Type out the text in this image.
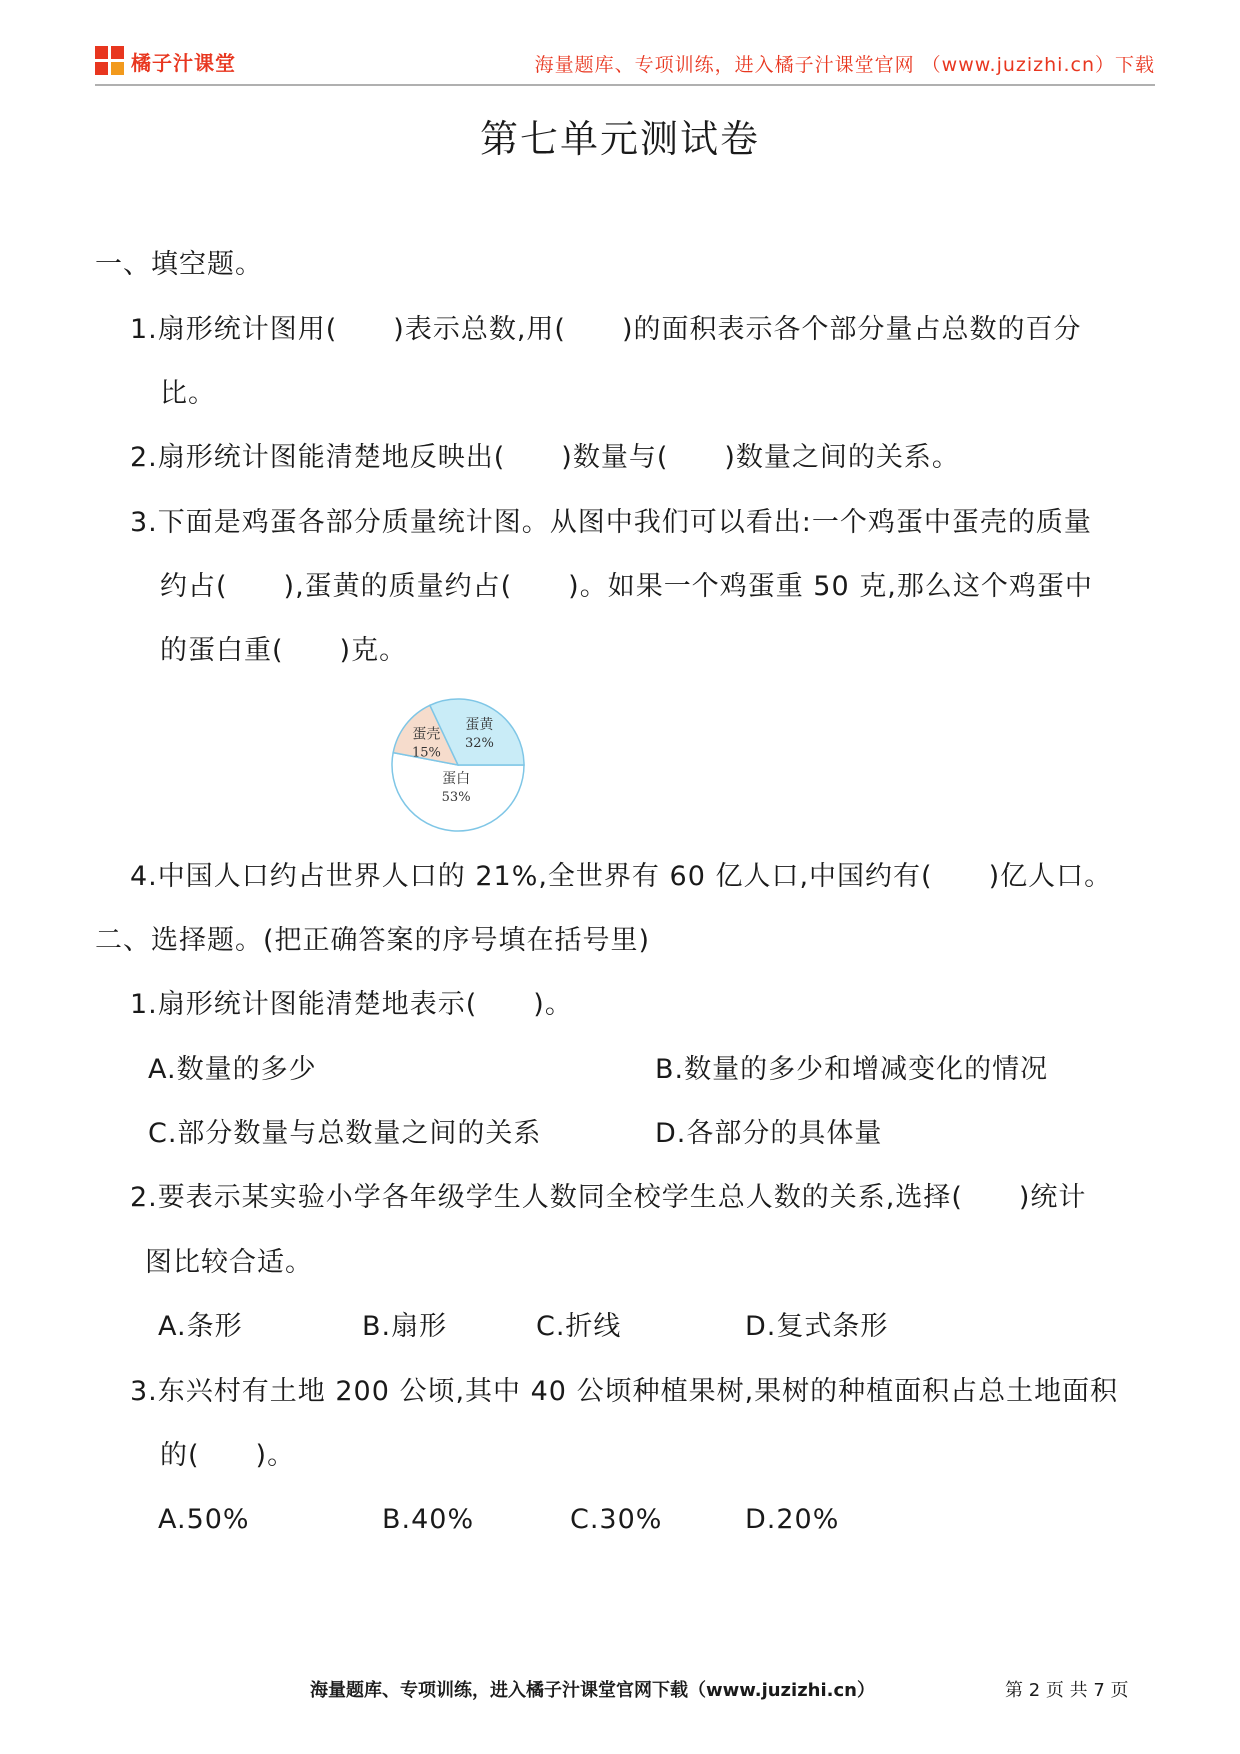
橘子汁课堂	海量题库、专项训练，进入橘子汁课堂官网 （www.juzizhi.cn）下载
第七单元测试卷
一、填空题。
1.扇形统计图用(　　)表示总数,用(　　)的面积表示各个部分量占总数的百分
比。
2.扇形统计图能清楚地反映出(　　)数量与(　　)数量之间的关系。
3.下面是鸡蛋各部分质量统计图。从图中我们可以看出:一个鸡蛋中蛋壳的质量
约占(　　),蛋黄的质量约占(　　)。如果一个鸡蛋重 50 克,那么这个鸡蛋中
的蛋白重(　　)克。
蛋白
53%
蛋壳
15%
蛋黄
32%
4.中国人口约占世界人口的 21%,全世界有 60 亿人口,中国约有(　　)亿人口。
二、选择题。(把正确答案的序号填在括号里)
1.扇形统计图能清楚地表示(　　)。
A.数量的多少	B.数量的多少和增减变化的情况
C.部分数量与总数量之间的关系	D.各部分的具体量
2.要表示某实验小学各年级学生人数同全校学生总人数的关系,选择(　　)统计
图比较合适。
A.条形	B.扇形	C.折线	D.复式条形
3.东兴村有土地 200 公顷,其中 40 公顷种植果树,果树的种植面积占总土地面积
的(　　)。
A.50%	B.40%	C.30%	D.20%
海量题库、专项训练，进入橘子汁课堂官网下载（www.juzizhi.cn）	第 2 页 共 7 页
